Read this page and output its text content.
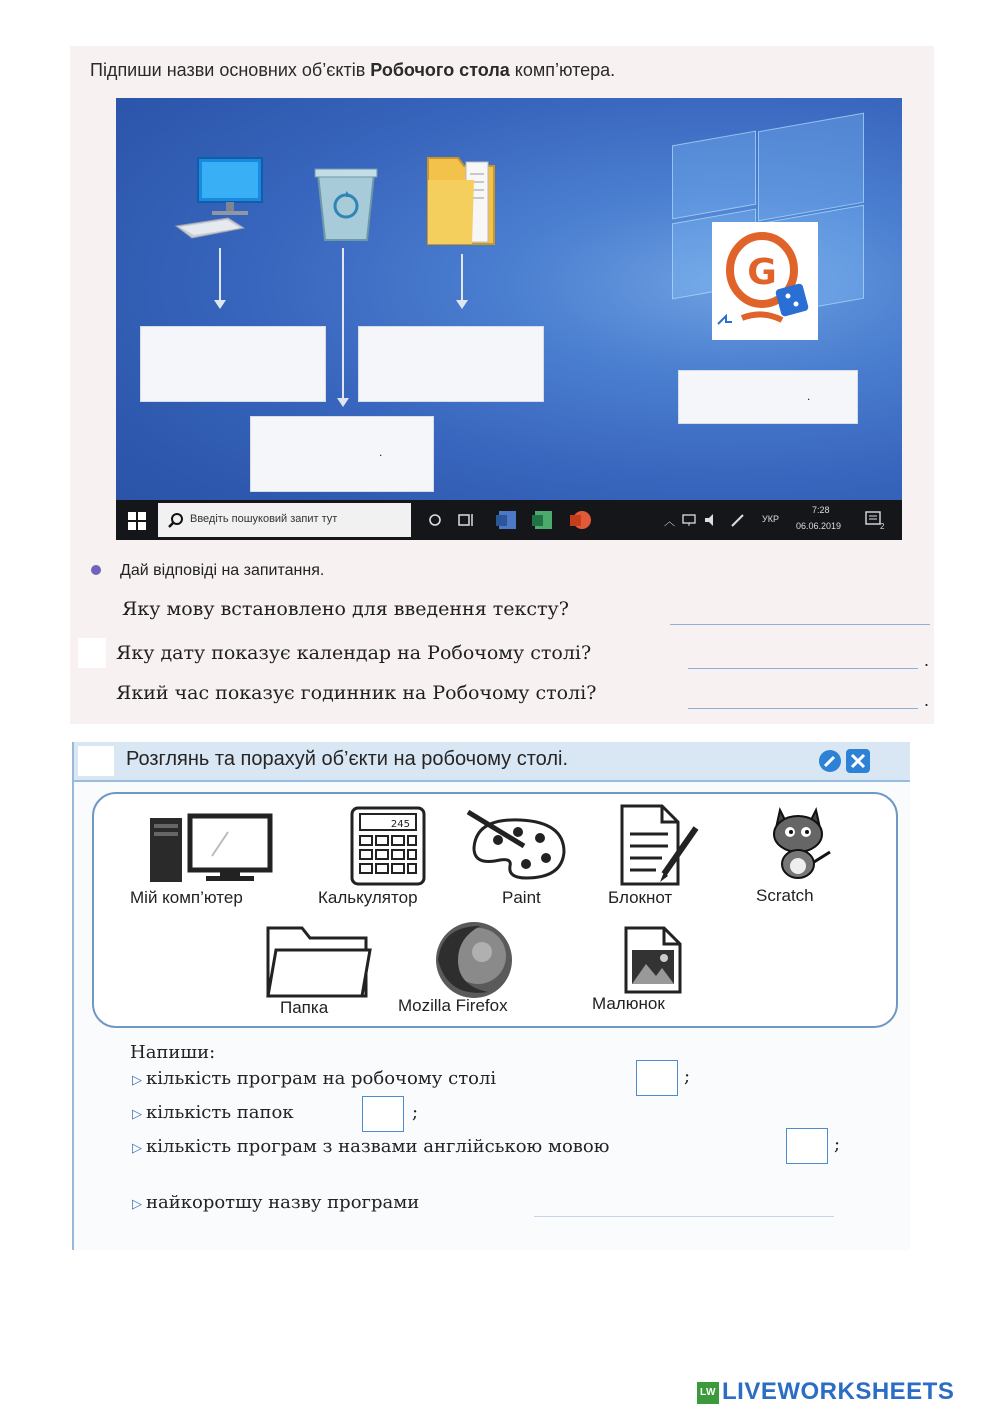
Підпиши назви основних об’єктів Робочого стола комп’ютера.
G
.
.
Введіть пошуковий запит тут	︿	УКР
7:28
06.06.2019	2
Дай відповіді на запитання.
Яку мову встановлено для введення тексту?
Яку дату показує календар на Робочому столі?	.
Який час показує годинник на Робочому столі?	.
Розглянь та порахуй об’єкти на робочому столі.
Мій комп’ютер
245
Калькулятор	Paint	Блокнот	Scratch
Папка	Mozilla Firefox	Малюнок
Напиши:
▷ кількість програм на робочому столі	;
▷ кількість папок	;
▷ кількість програм з назвами англійською мовою	;
▷ найкоротшу назву програми
LW LIVEWORKSHEETS
